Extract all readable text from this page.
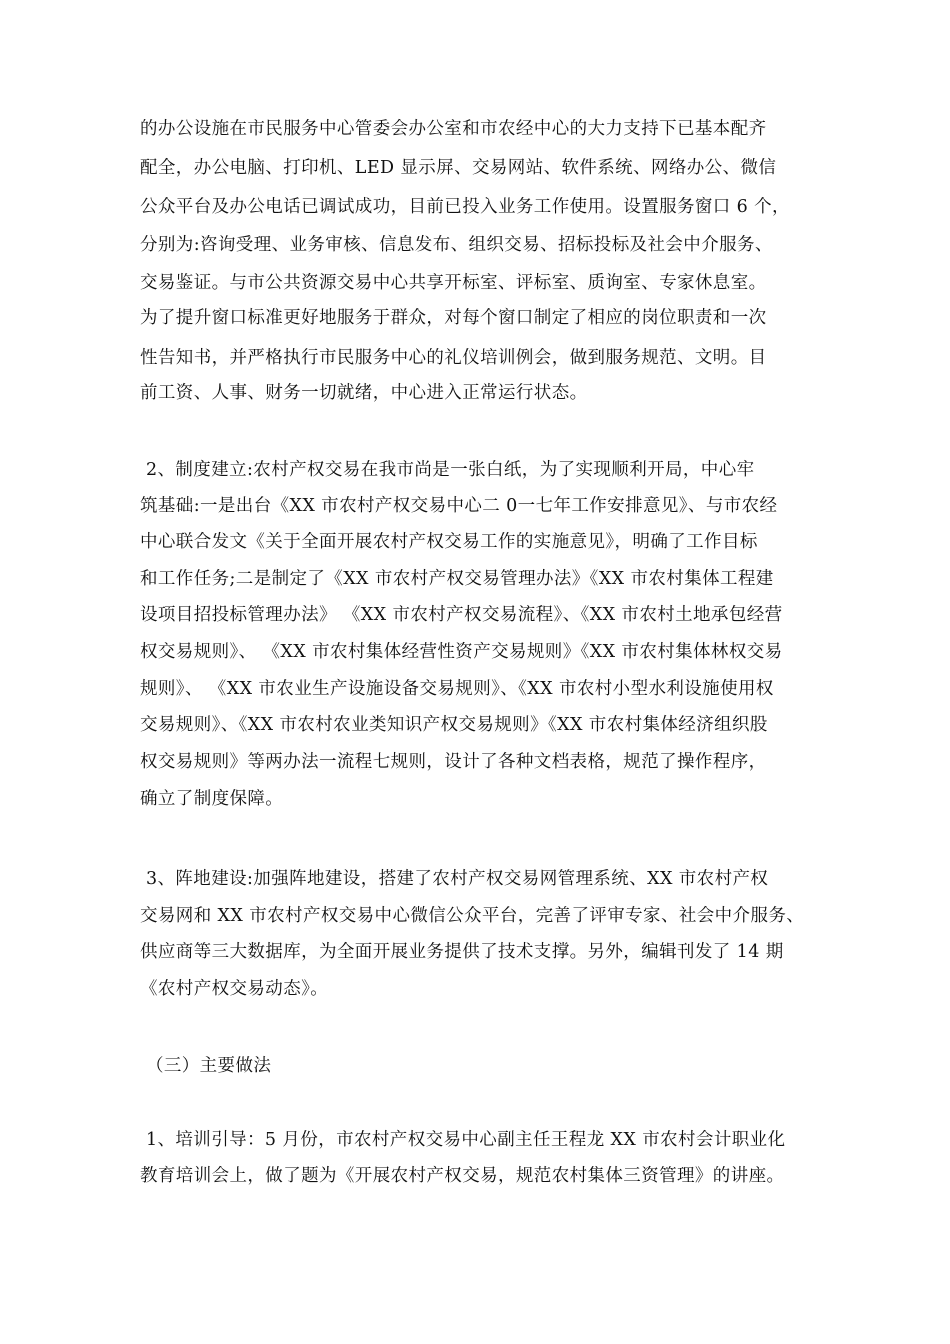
的办公设施在市民服务中心管委会办公室和市农经中心的大力支持下已基本配齐
配全，办公电脑、打印机、LED 显示屏、交易网站、软件系统、网络办公、微信
公众平台及办公电话已调试成功，目前已投入业务工作使用。设置服务窗口 6 个，
分别为:咨询受理、业务审核、信息发布、组织交易、招标投标及社会中介服务、
交易鉴证。与市公共资源交易中心共享开标室、评标室、质询室、专家休息室。
为了提升窗口标准更好地服务于群众，对每个窗口制定了相应的岗位职责和一次
性告知书，并严格执行市民服务中心的礼仪培训例会，做到服务规范、文明。目
前工资、人事、财务一切就绪，中心进入正常运行状态。
2、制度建立:农村产权交易在我市尚是一张白纸，为了实现顺利开局，中心牢
筑基础:一是出台《XX 市农村产权交易中心二 0一七年工作安排意见》、与市农经
中心联合发文《关于全面开展农村产权交易工作的实施意见》，明确了工作目标
和工作任务;二是制定了《XX 市农村产权交易管理办法》《XX 市农村集体工程建
设项目招投标管理办法》 《XX 市农村产权交易流程》、《XX 市农村土地承包经营
权交易规则》、 《XX 市农村集体经营性资产交易规则》《XX 市农村集体林权交易
规则》、 《XX 市农业生产设施设备交易规则》、《XX 市农村小型水利设施使用权
交易规则》、《XX 市农村农业类知识产权交易规则》《XX 市农村集体经济组织股
权交易规则》等两办法一流程七规则，设计了各种文档表格，规范了操作程序，
确立了制度保障。
3、阵地建设:加强阵地建设，搭建了农村产权交易网管理系统、XX 市农村产权
交易网和 XX 市农村产权交易中心微信公众平台，完善了评审专家、社会中介服务、
供应商等三大数据库，为全面开展业务提供了技术支撑。另外，编辑刊发了 14 期
《农村产权交易动态》。
（三）主要做法
1、培训引导：5 月份，市农村产权交易中心副主任王程龙 XX 市农村会计职业化
教育培训会上，做了题为《开展农村产权交易，规范农村集体三资管理》的讲座。
